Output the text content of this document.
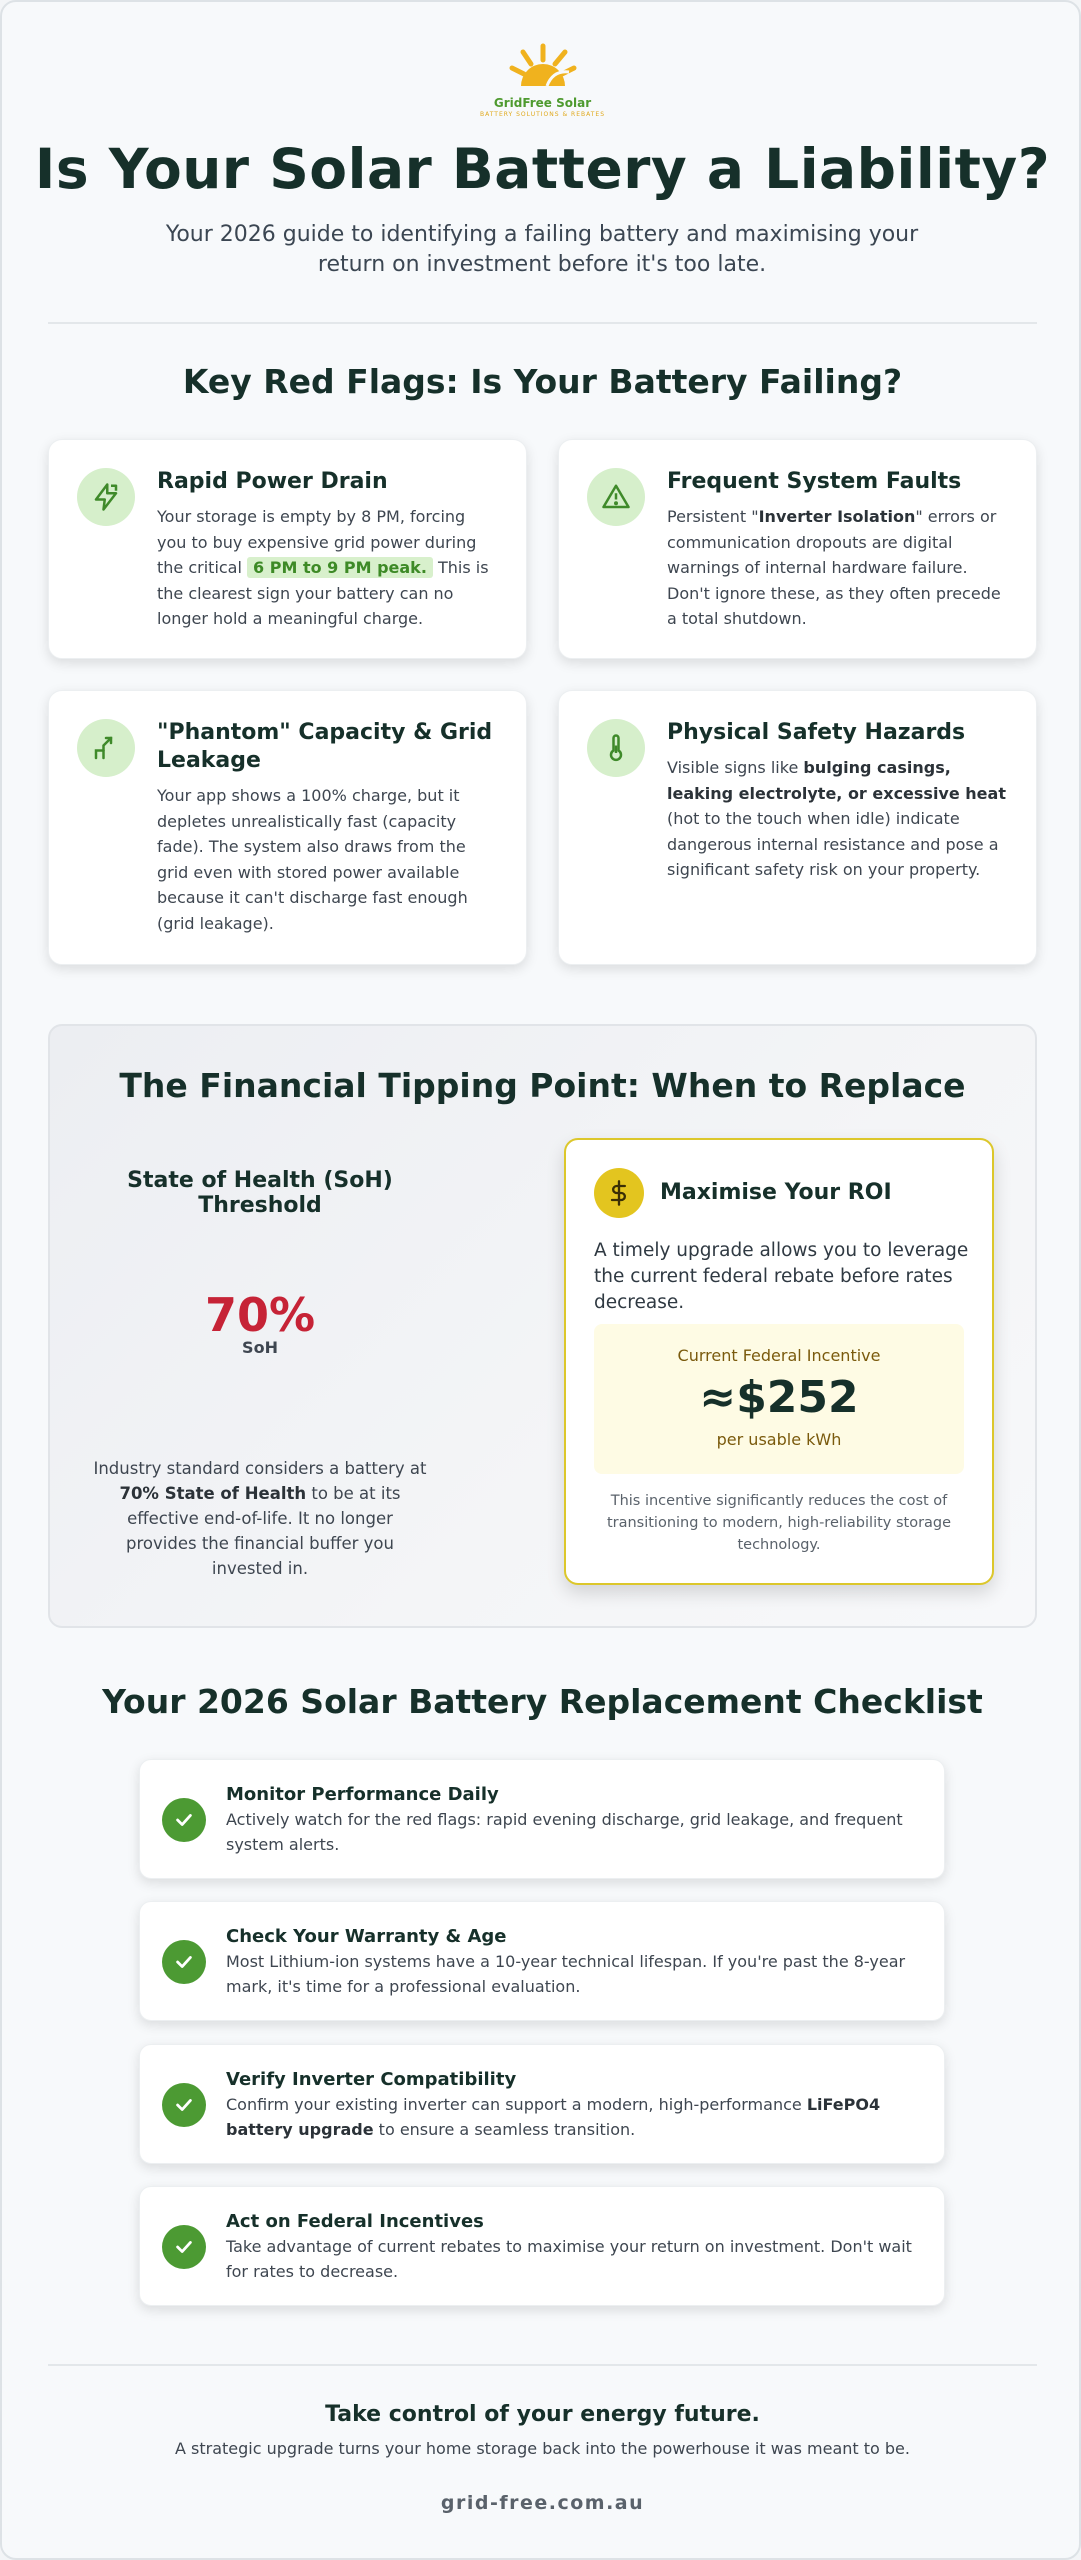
GridFree Solar
BATTERY SOLUTIONS & REBATES
Is Your Solar Battery a Liability?

Your 2026 guide to identifying a failing battery and maximising your return on investment before it's too late.

Key Red Flags: Is Your Battery Failing?
Rapid Power Drain

Your storage is empty by 8 PM, forcing you to buy expensive grid power during the critical 6 PM to 9 PM peak. This is the clearest sign your battery can no longer hold a meaningful charge.

Frequent System Faults

Persistent "Inverter Isolation" errors or communication dropouts are digital warnings of internal hardware failure. Don't ignore these, as they often precede a total shutdown.

"Phantom" Capacity & Grid Leakage

Your app shows a 100% charge, but it depletes unrealistically fast (capacity fade). The system also draws from the grid even with stored power available because it can't discharge fast enough (grid leakage).

Physical Safety Hazards

Visible signs like bulging casings, leaking electrolyte, or excessive heat (hot to the touch when idle) indicate dangerous internal resistance and pose a significant safety risk on your property.

The Financial Tipping Point: When to Replace
State of Health (SoH) Threshold
70%
SoH

Industry standard considers a battery at 70% State of Health to be at its effective end-of-life. It no longer provides the financial buffer you invested in.

Maximise Your ROI

A timely upgrade allows you to leverage the current federal rebate before rates decrease.

Current Federal Incentive
≈$252
per usable kWh

This incentive significantly reduces the cost of transitioning to modern, high-reliability storage technology.

Your 2026 Solar Battery Replacement Checklist
Monitor Performance Daily

Actively watch for the red flags: rapid evening discharge, grid leakage, and frequent system alerts.

Check Your Warranty & Age

Most Lithium-ion systems have a 10-year technical lifespan. If you're past the 8-year mark, it's time for a professional evaluation.

Verify Inverter Compatibility

Confirm your existing inverter can support a modern, high-performance LiFePO4 battery upgrade to ensure a seamless transition.

Act on Federal Incentives

Take advantage of current rebates to maximise your return on investment. Don't wait for rates to decrease.

Take control of your energy future.
A strategic upgrade turns your home storage back into the powerhouse it was meant to be.
grid-free.com.au
